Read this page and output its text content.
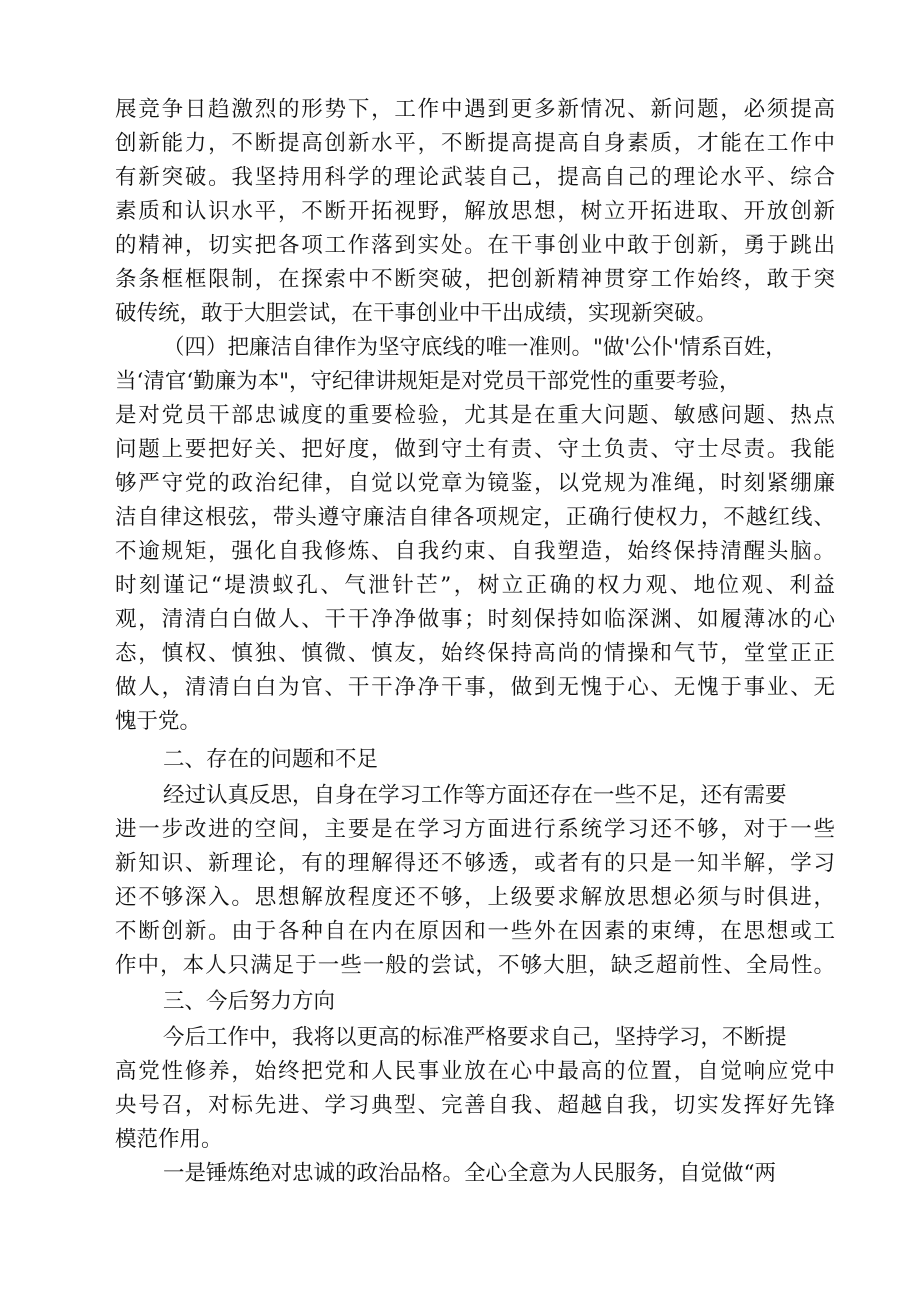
展竞争日趋激烈的形势下，工作中遇到更多新情况、新问题，必须提高
创新能力，不断提高创新水平，不断提高提高自身素质，才能在工作中
有新突破。我坚持用科学的理论武装自己，提高自己的理论水平、综合
素质和认识水平，不断开拓视野，解放思想，树立开拓进取、开放创新
的精神，切实把各项工作落到实处。在干事创业中敢于创新，勇于跳出
条条框框限制，在探索中不断突破，把创新精神贯穿工作始终，敢于突
破传统，敢于大胆尝试，在干事创业中干出成绩，实现新突破。
（四）把廉洁自律作为坚守底线的唯一准则。"做'公仆'情系百姓，
当‘清官‘勤廉为本"，守纪律讲规矩是对党员干部党性的重要考验，
是对党员干部忠诚度的重要检验，尤其是在重大问题、敏感问题、热点
问题上要把好关、把好度，做到守土有责、守土负责、守士尽责。我能
够严守党的政治纪律，自觉以党章为镜鉴，以党规为准绳，时刻紧绷廉
洁自律这根弦，带头遵守廉洁自律各项规定，正确行使权力，不越红线、
不逾规矩，强化自我修炼、自我约束、自我塑造，始终保持清醒头脑。
时刻谨记“堤溃蚁孔、气泄针芒”，树立正确的权力观、地位观、利益
观，清清白白做人、干干净净做事；时刻保持如临深渊、如履薄冰的心
态，慎权、慎独、慎微、慎友，始终保持高尚的情操和气节，堂堂正正
做人，清清白白为官、干干净净干事，做到无愧于心、无愧于事业、无
愧于党。
二、存在的问题和不足
经过认真反思，自身在学习工作等方面还存在一些不足，还有需要
进一步改进的空间，主要是在学习方面进行系统学习还不够，对于一些
新知识、新理论，有的理解得还不够透，或者有的只是一知半解，学习
还不够深入。思想解放程度还不够，上级要求解放思想必须与时俱进，
不断创新。由于各种自在内在原因和一些外在因素的束缚，在思想或工
作中，本人只满足于一些一般的尝试，不够大胆，缺乏超前性、全局性。
三、今后努力方向
今后工作中，我将以更高的标准严格要求自己，坚持学习，不断提
高党性修养，始终把党和人民事业放在心中最高的位置，自觉响应党中
央号召，对标先进、学习典型、完善自我、超越自我，切实发挥好先锋
模范作用。
一是锤炼绝对忠诚的政治品格。全心全意为人民服务，自觉做“两
